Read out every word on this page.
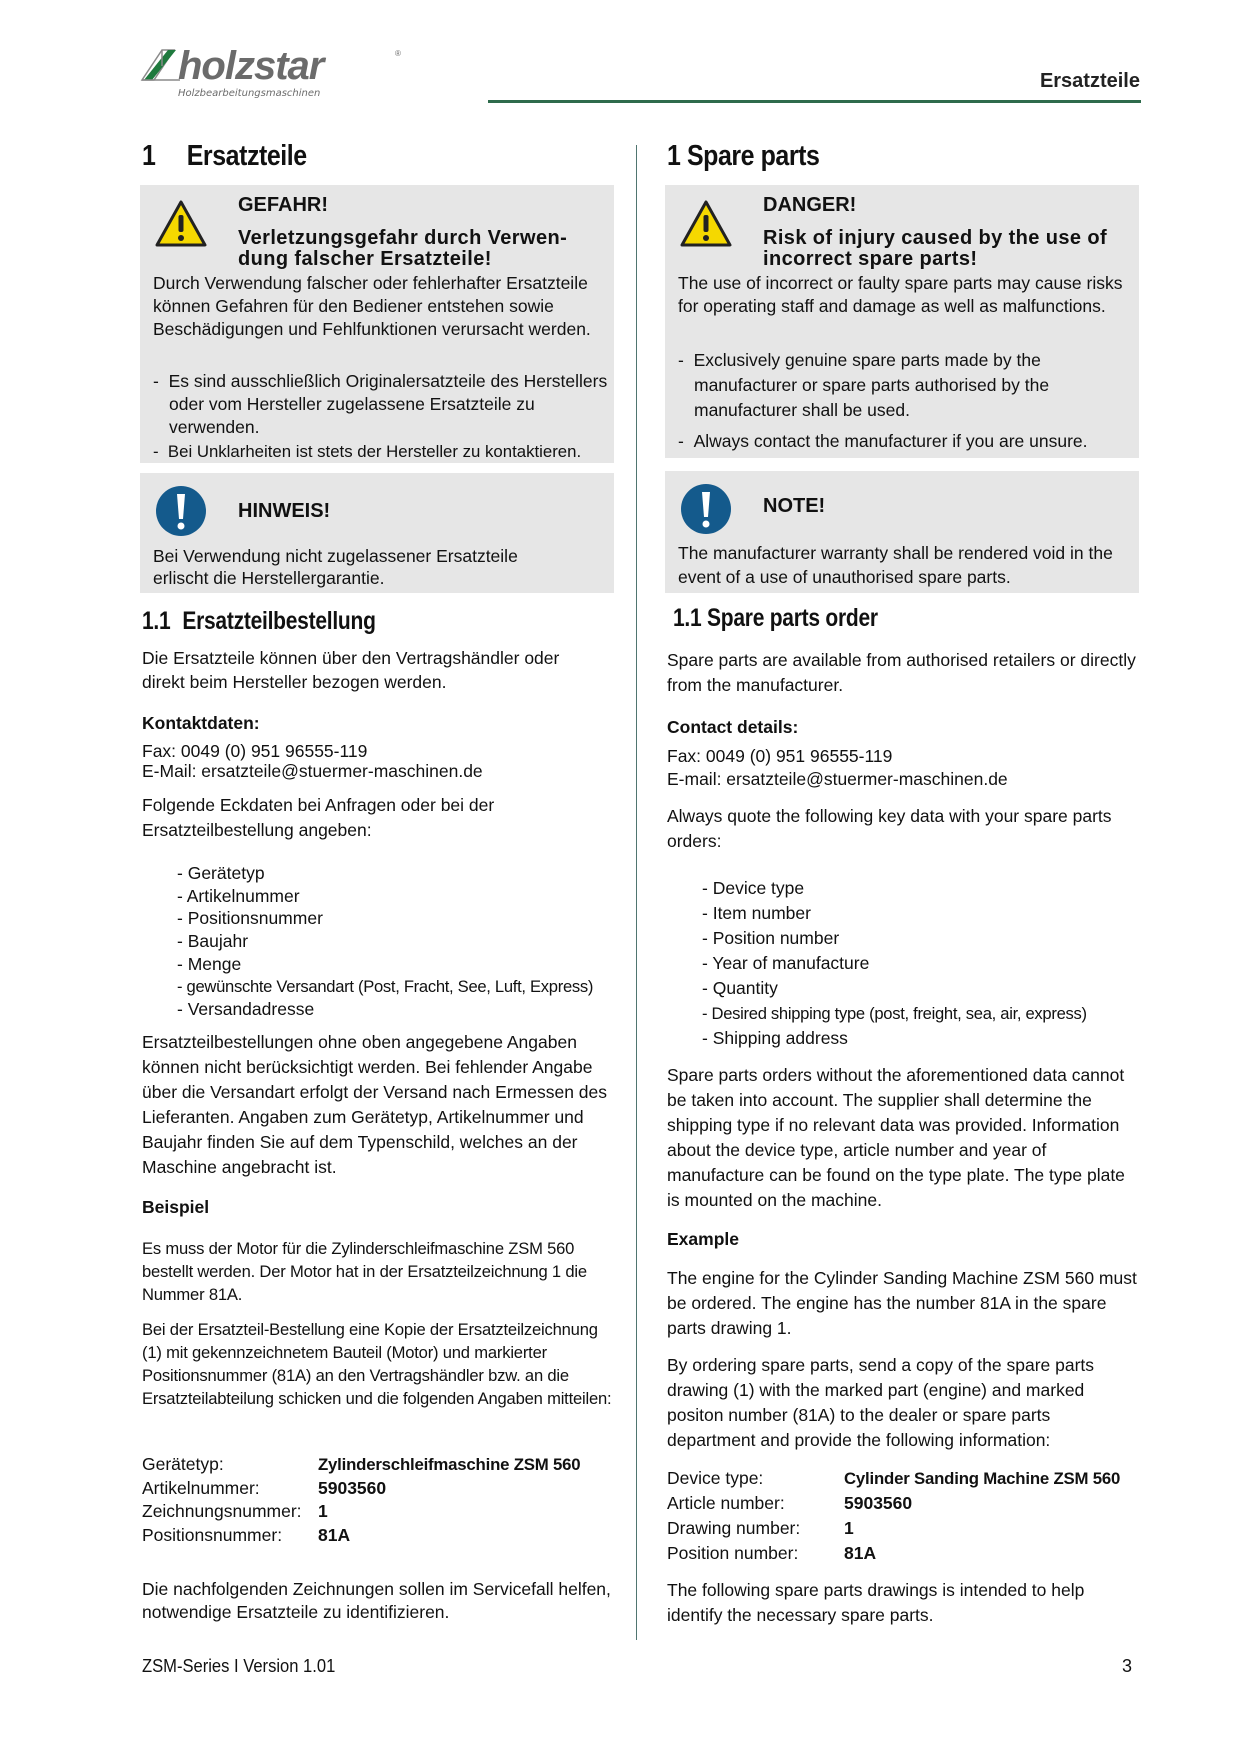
holzstar	®
Holzbearbeitungsmaschinen
Ersatzteile
1 Ersatzteile
GEFAHR!
Verletzungsgefahr durch Verwen-
dung falscher Ersatzteile!

Durch Verwendung falscher oder fehlerhafter Ersatzteile können Gefahren für den Bediener entstehen sowie Beschädigungen und Fehlfunktionen verursacht werden.

-  Es sind ausschließlich Originalersatzteile des Herstellers oder vom Hersteller zugelassene Ersatzteile zu verwenden.
-  Bei Unklarheiten ist stets der Hersteller zu kontaktieren.
HINWEIS!

Bei Verwendung nicht zugelassener Ersatzteile erlischt die Herstellergarantie.

1.1 Ersatzteilbestellung

Die Ersatzteile können über den Vertragshändler oder direkt beim Hersteller bezogen werden.

Kontaktdaten:
Fax: 0049 (0) 951 96555-119
E-Mail: ersatzteile@stuermer-maschinen.de

Folgende Eckdaten bei Anfragen oder bei der Ersatzteilbestellung angeben:

- Gerätetyp
- Artikelnummer
- Positionsnummer
- Baujahr
- Menge
- gewünschte Versandart (Post, Fracht, See, Luft, Express)
- Versandadresse

Ersatzteilbestellungen ohne oben angegebene Angaben können nicht berücksichtigt werden. Bei fehlender Angabe über die Versandart erfolgt der Versand nach Ermessen des Lieferanten. Angaben zum Gerätetyp, Artikelnummer und Baujahr finden Sie auf dem Typenschild, welches an der Maschine angebracht ist.

Beispiel

Es muss der Motor für die Zylinderschleifmaschine ZSM 560 bestellt werden. Der Motor hat in der Ersatzteilzeichnung 1 die Nummer 81A.

Bei der Ersatzteil-Bestellung eine Kopie der Ersatzteilzeichnung (1) mit gekennzeichnetem Bauteil (Motor) und markierter Positionsnummer (81A) an den Vertragshändler bzw. an die Ersatzteilabteilung schicken und die folgenden Angaben mitteilen:

Gerätetyp:	Zylinderschleifmaschine ZSM 560
Artikelnummer:	5903560
Zeichnungsnummer: 1
Positionsnummer:	81A

Die nachfolgenden Zeichnungen sollen im Servicefall helfen, notwendige Ersatzteile zu identifizieren.

1 Spare parts
DANGER!
Risk of injury caused by the use of
incorrect spare parts!

The use of incorrect or faulty spare parts may cause risks for operating staff and damage as well as malfunctions.

-  Exclusively genuine spare parts made by the manufacturer or spare parts authorised by the manufacturer shall be used.
-  Always contact the manufacturer if you are unsure.
NOTE!

The manufacturer warranty shall be rendered void in the event of a use of unauthorised spare parts.

1.1 Spare parts order

Spare parts are available from authorised retailers or directly from the manufacturer.

Contact details:
Fax: 0049 (0) 951 96555-119
E-mail: ersatzteile@stuermer-maschinen.de

Always quote the following key data with your spare parts orders:

- Device type
- Item number
- Position number
- Year of manufacture
- Quantity
- Desired shipping type (post, freight, sea, air, express)
- Shipping address

Spare parts orders without the aforementioned data cannot be taken into account. The supplier shall determine the shipping type if no relevant data was provided. Information about the device type, article number and year of manufacture can be found on the type plate. The type plate is mounted on the machine.

Example

The engine for the Cylinder Sanding Machine ZSM 560 must be ordered. The engine has the number 81A in the spare parts drawing 1.

By ordering spare parts, send a copy of the spare parts drawing (1) with the marked part (engine) and marked positon number (81A) to the dealer or spare parts department and provide the following information:

Device type:	Cylinder Sanding Machine ZSM 560
Article number:	5903560
Drawing number:	1
Position number:	81A

The following spare parts drawings is intended to help identify the necessary spare parts.

ZSM-Series I Version 1.01	3
